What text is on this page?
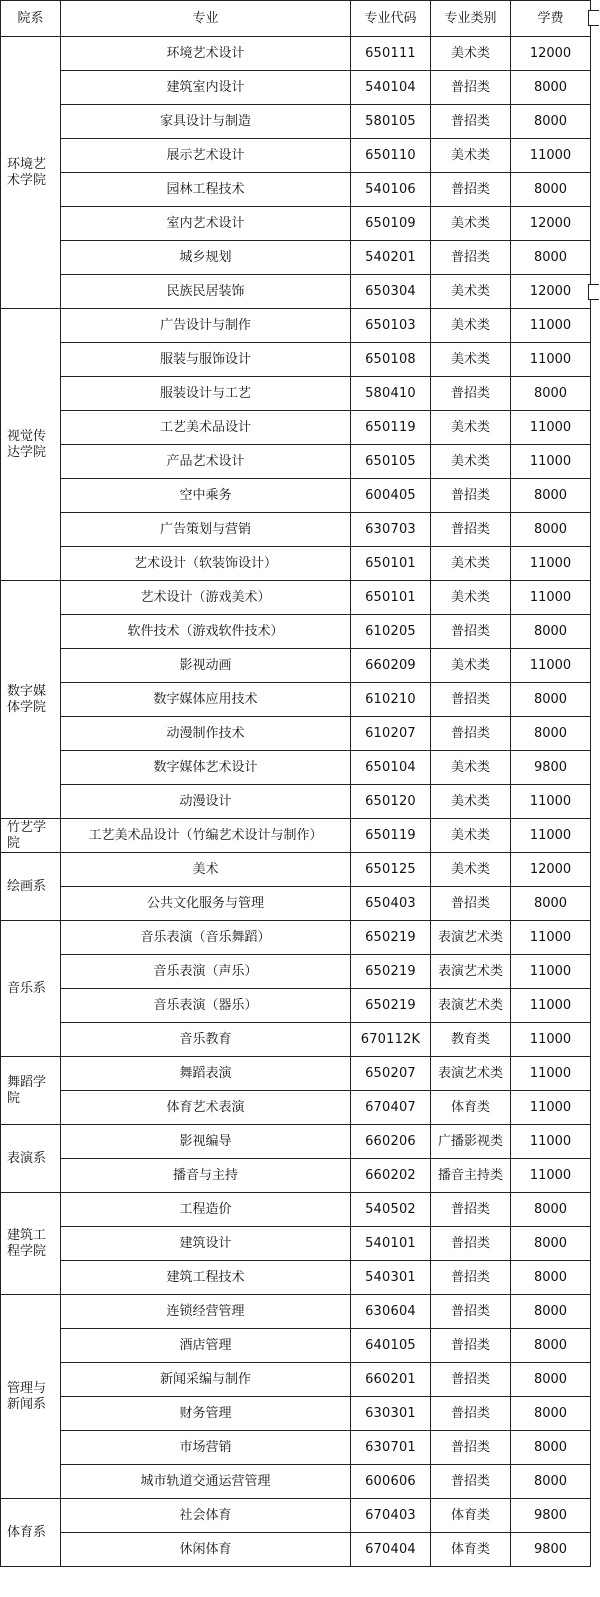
院系	专业	专业代码	专业类别	学费

环境艺术学院	环境艺术设计	650111	美术类	12000
	建筑室内设计	540104	普招类	8000
	家具设计与制造	580105	普招类	8000
	展示艺术设计	650110	美术类	11000
	园林工程技术	540106	普招类	8000
	室内艺术设计	650109	美术类	12000
	城乡规划	540201	普招类	8000
	民族民居装饰	650304	美术类	12000

视觉传达学院	广告设计与制作	650103	美术类	11000
	服装与服饰设计	650108	美术类	11000
	服装设计与工艺	580410	普招类	8000
	工艺美术品设计	650119	美术类	11000
	产品艺术设计	650105	美术类	11000
	空中乘务	600405	普招类	8000
	广告策划与营销	630703	普招类	8000
	艺术设计（软装饰设计）	650101	美术类	11000

数字媒体学院	艺术设计（游戏美术）	650101	美术类	11000
	软件技术（游戏软件技术）	610205	普招类	8000
	影视动画	660209	美术类	11000
	数字媒体应用技术	610210	普招类	8000
	动漫制作技术	610207	普招类	8000
	数字媒体艺术设计	650104	美术类	9800
	动漫设计	650120	美术类	11000

竹艺学院	工艺美术品设计（竹编艺术设计与制作）	650119	美术类	11000

绘画系	美术	650125	美术类	12000
	公共文化服务与管理	650403	普招类	8000

音乐系	音乐表演（音乐舞蹈）	650219	表演艺术类	11000
	音乐表演（声乐）	650219	表演艺术类	11000
	音乐表演（器乐）	650219	表演艺术类	11000
	音乐教育	670112K	教育类	11000

舞蹈学院	舞蹈表演	650207	表演艺术类	11000
	体育艺术表演	670407	体育类	11000

表演系	影视编导	660206	广播影视类	11000
	播音与主持	660202	播音主持类	11000

建筑工程学院	工程造价	540502	普招类	8000
	建筑设计	540101	普招类	8000
	建筑工程技术	540301	普招类	8000

管理与新闻系	连锁经营管理	630604	普招类	8000
	酒店管理	640105	普招类	8000
	新闻采编与制作	660201	普招类	8000
	财务管理	630301	普招类	8000
	市场营销	630701	普招类	8000
	城市轨道交通运营管理	600606	普招类	8000

体育系	社会体育	670403	体育类	9800
	休闲体育	670404	体育类	9800
